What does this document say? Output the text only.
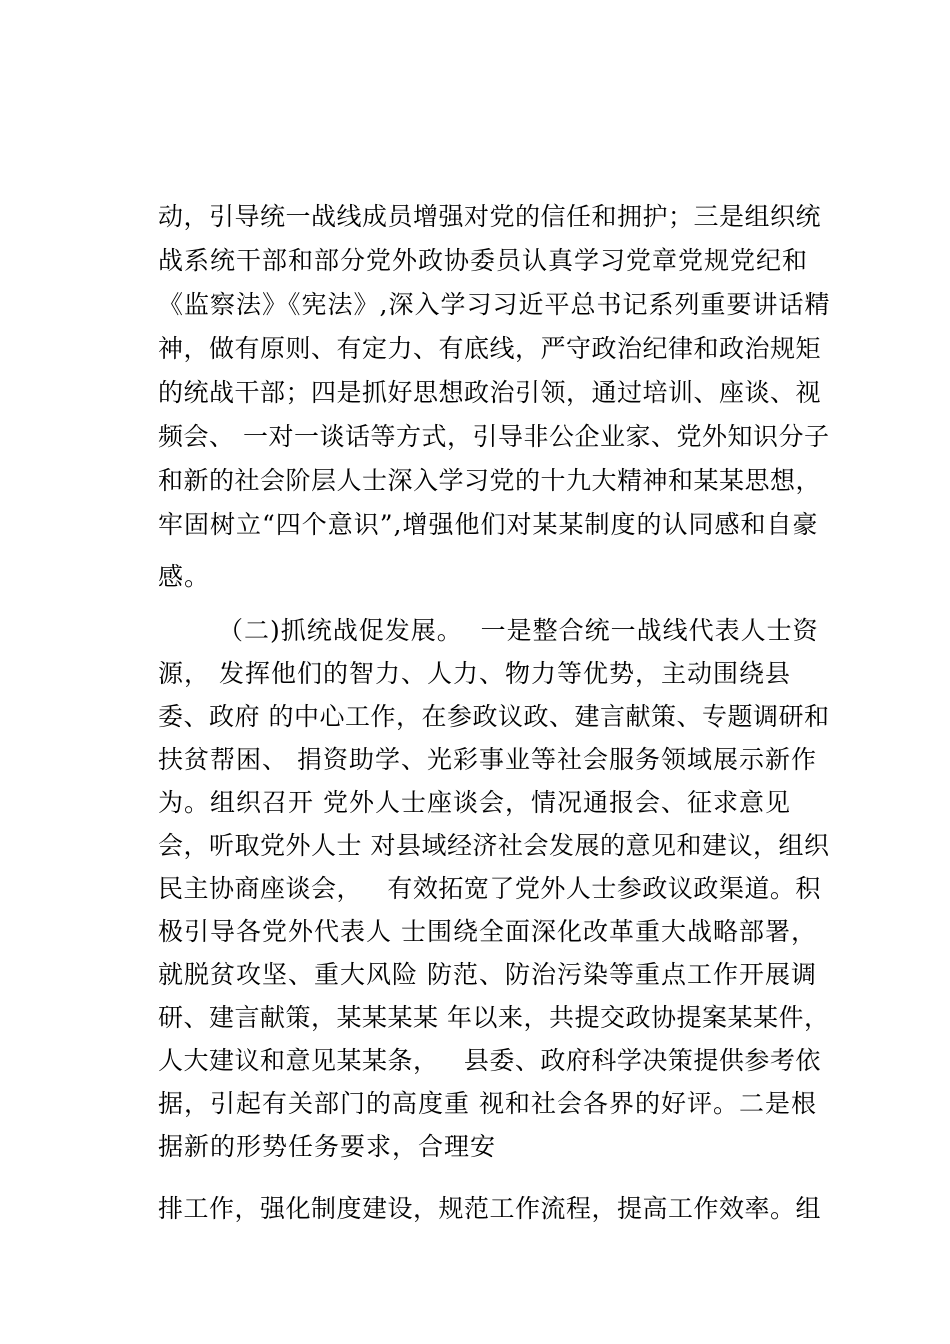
动，引导统一战线成员增强对党的信任和拥护；三是组织统
战系统干部和部分党外政协委员认真学习党章党规党纪和
《监察法》《宪法》,深入学习习近平总书记系列重要讲话精
神，做有原则、有定力、有底线，严守政治纪律和政治规矩
的统战干部；四是抓好思想政治引领，通过培训、座谈、视
频会、 一对一谈话等方式，引导非公企业家、党外知识分子
和新的社会阶层人士深入学习党的十九大精神和某某思想，
牢固树立“四个意识”,增强他们对某某制度的认同感和自豪
感。
（二)抓统战促发展。  一是整合统一战线代表人士资
源， 发挥他们的智力、人力、物力等优势，主动围绕县
委、政府 的中心工作，在参政议政、建言献策、专题调研和
扶贫帮困、 捐资助学、光彩事业等社会服务领域展示新作
为。组织召开 党外人士座谈会，情况通报会、征求意见
会，听取党外人士 对县域经济社会发展的意见和建议，组织
民主协商座谈会，   有效拓宽了党外人士参政议政渠道。积
极引导各党外代表人 士围绕全面深化改革重大战略部署，
就脱贫攻坚、重大风险 防范、防治污染等重点工作开展调
研、建言献策，某某某某 年以来，共提交政协提案某某件，
人大建议和意见某某条，   县委、政府科学决策提供参考依
据，引起有关部门的高度重 视和社会各界的好评。二是根
据新的形势任务要求，合理安
排工作，强化制度建设，规范工作流程，提高工作效率。组
